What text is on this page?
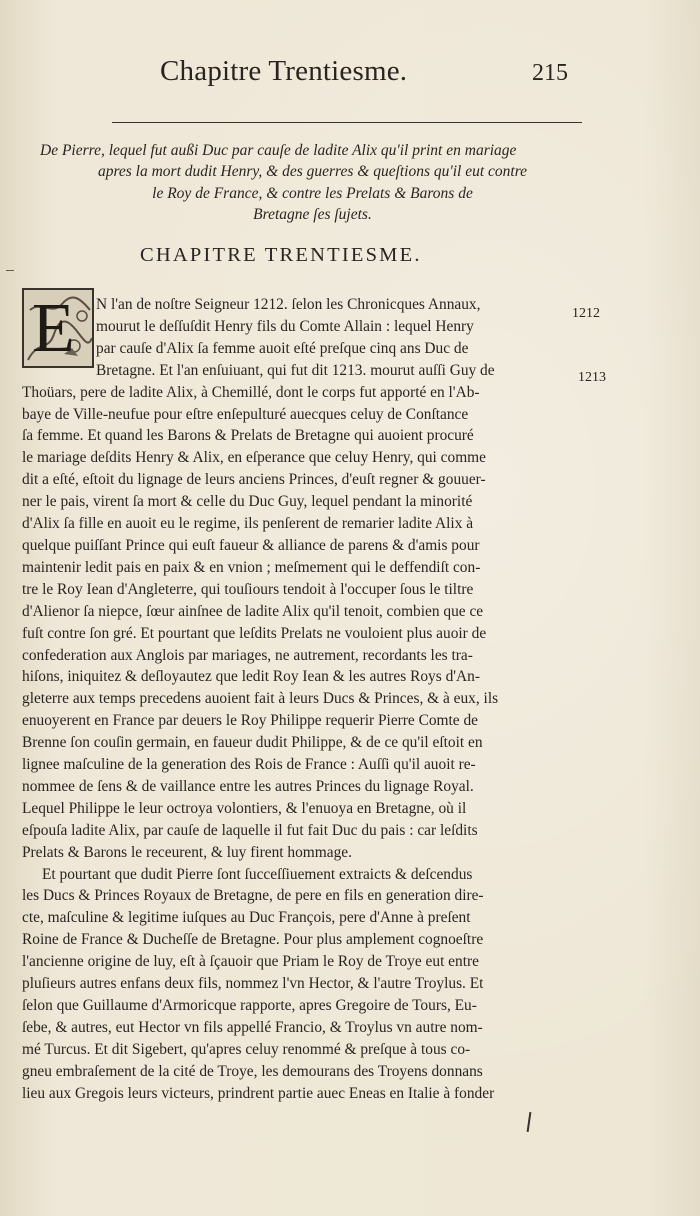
Chapitre Trentiesme.	215
De Pierre, lequel fut außi Duc par cauſe de ladite Alix qu'il print en mariage
apres la mort dudit Henry, & des guerres & queſtions qu'il eut contre
le Roy de France, & contre les Prelats & Barons de
Bretagne ſes ſujets.
CHAPITRE TRENTIESME.
E	N l'an de noſtre Seigneur 1212. ſelon les Chronicques Annaux,
mourut le deſſuſdit Henry fils du Comte Allain : lequel Henry
par cauſe d'Alix ſa femme auoit eſté preſque cinq ans Duc de
Bretagne. Et l'an enſuiuant, qui fut dit 1213. mourut auſſi Guy de
Thoüars, pere de ladite Alix, à Chemillé, dont le corps fut apporté en l'Ab-
baye de Ville-neufue pour eſtre enſepulturé auecques celuy de Conſtance
ſa femme. Et quand les Barons & Prelats de Bretagne qui auoient procuré
le mariage deſdits Henry & Alix, en eſperance que celuy Henry, qui comme
dit a eſté, eſtoit du lignage de leurs anciens Princes, d'euſt regner & gouuer-
ner le pais, virent ſa mort & celle du Duc Guy, lequel pendant la minorité
d'Alix ſa fille en auoit eu le regime, ils penſerent de remarier ladite Alix à
quelque puiſſant Prince qui euſt faueur & alliance de parens & d'amis pour
maintenir ledit pais en paix & en vnion ; meſmement qui le deffendiſt con-
tre le Roy Iean d'Angleterre, qui touſiours tendoit à l'occuper ſous le tiltre
d'Alienor ſa niepce, ſœur ainſnee de ladite Alix qu'il tenoit, combien que ce
fuſt contre ſon gré. Et pourtant que leſdits Prelats ne vouloient plus auoir de
confederation aux Anglois par mariages, ne autrement, recordants les tra-
hiſons, iniquitez & deſloyautez que ledit Roy Iean & les autres Roys d'An-
gleterre aux temps precedens auoient fait à leurs Ducs & Princes, & à eux, ils
enuoyerent en France par deuers le Roy Philippe requerir Pierre Comte de
Brenne ſon couſin germain, en faueur dudit Philippe, & de ce qu'il eſtoit en
lignee maſculine de la generation des Rois de France : Auſſi qu'il auoit re-
nommee de ſens & de vaillance entre les autres Princes du lignage Royal.
Lequel Philippe le leur octroya volontiers, & l'enuoya en Bretagne, où il
eſpouſa ladite Alix, par cauſe de laquelle il fut fait Duc du pais : car leſdits
Prelats & Barons le receurent, & luy firent hommage.
Et pourtant que dudit Pierre ſont ſucceſſiuement extraicts & deſcendus
les Ducs & Princes Royaux de Bretagne, de pere en fils en generation dire-
cte, maſculine & legitime iuſques au Duc François, pere d'Anne à preſent
Roine de France & Ducheſſe de Bretagne. Pour plus amplement cognoeſtre
l'ancienne origine de luy, eſt à ſçauoir que Priam le Roy de Troye eut entre
pluſieurs autres enfans deux fils, nommez l'vn Hector, & l'autre Troylus. Et
ſelon que Guillaume d'Armoricque rapporte, apres Gregoire de Tours, Eu-
ſebe, & autres, eut Hector vn fils appellé Francio, & Troylus vn autre nom-
mé Turcus. Et dit Sigebert, qu'apres celuy renommé & preſque à tous co-
gneu embraſement de la cité de Troye, les demourans des Troyens donnans
lieu aux Gregois leurs victeurs, prindrent partie auec Eneas en Italie à fonder
1212
1213
